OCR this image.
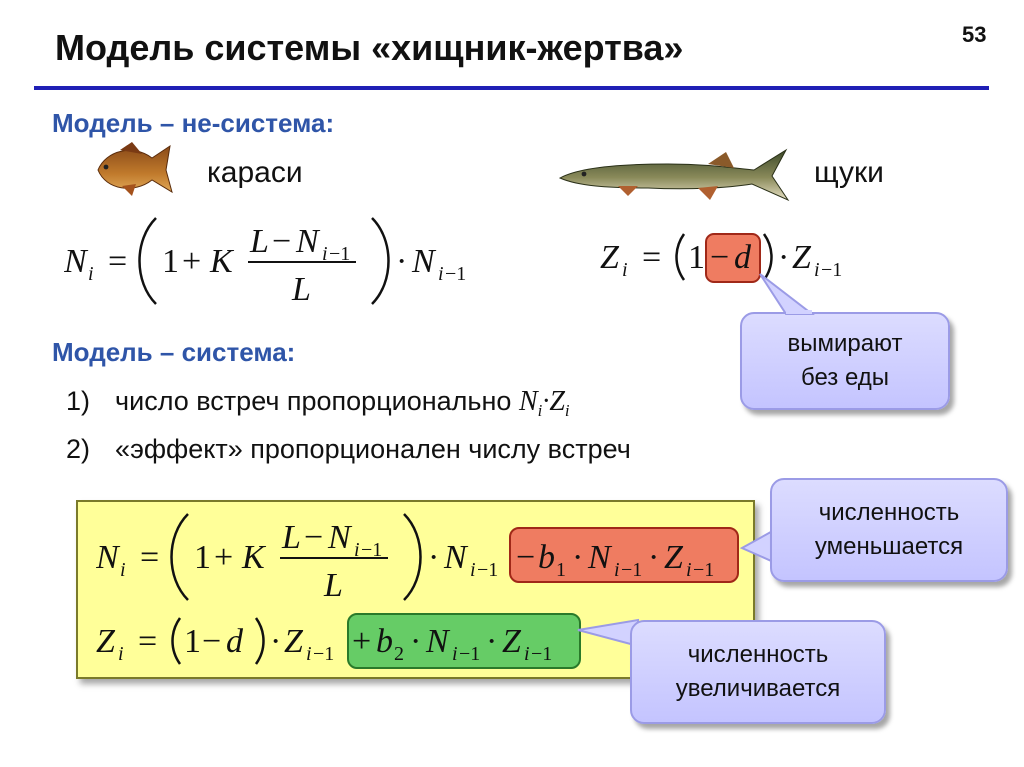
Модель системы «хищник-жертва»	53
Модель – не-система:
караси	щуки
N i = 1 + K
L − N i −1
L
· N i −1	Z i = 1 − d · Z i −1
вымирают без еды
Модель – система:
1) число встреч пропорционально $N_i\cdot Z_i$
2) «эффект» пропорционален числу встреч
N i = 1 + K
L − N i −1
L
· N i −1 − b 1 · N i −1 · Z i −1
Z i = 1 − d · Z i −1 + b 2 · N i −1 · Z i −1
численность уменьшается
численность увеличивается
